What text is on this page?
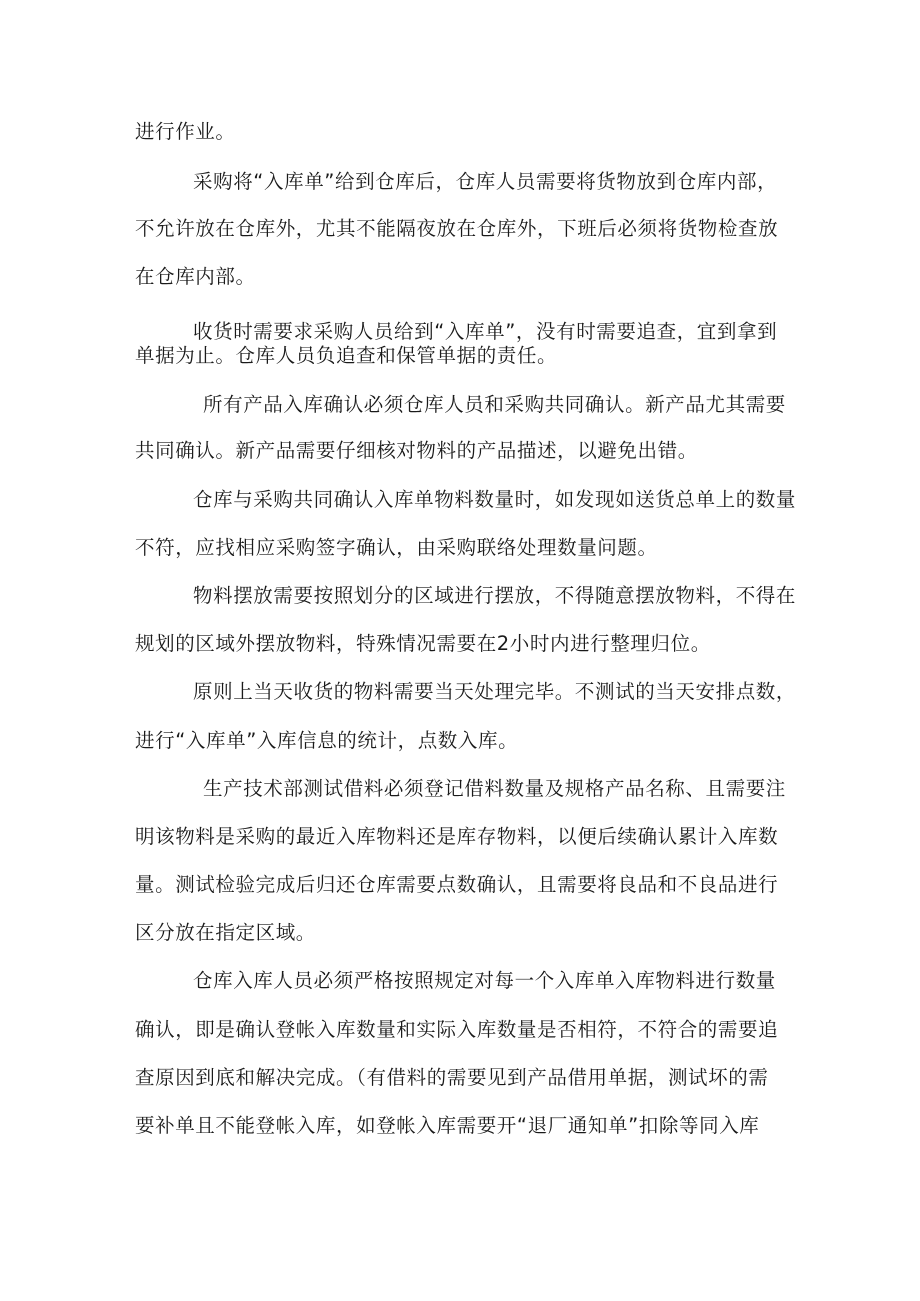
进行作业。
采购将“入库单”给到仓库后，仓库人员需要将货物放到仓库内部，
不允许放在仓库外，尤其不能隔夜放在仓库外，下班后必须将货物检查放
在仓库内部。
收货时需要求采购人员给到“入库单”，没有时需要追查，宜到拿到
单据为止。仓库人员负追查和保管单据的责任。
所有产品入库确认必须仓库人员和采购共同确认。新产品尤其需要
共同确认。新产品需要仔细核对物料的产品描述，以避免出错。
仓库与采购共同确认入库单物料数量时，如发现如送货总单上的数量
不符，应找相应采购签字确认，由采购联络处理数量问题。
物料摆放需要按照划分的区域进行摆放，不得随意摆放物料，不得在
规划的区域外摆放物料，特殊情况需要在2小时内进行整理归位。
原则上当天收货的物料需要当天处理完毕。不测试的当天安排点数，
进行“入库单”入库信息的统计，点数入库。
生产技术部测试借料必须登记借料数量及规格产品名称、且需要注
明该物料是采购的最近入库物料还是库存物料，以便后续确认累计入库数
量。测试检验完成后归还仓库需要点数确认，且需要将良品和不良品进行
区分放在指定区域。
仓库入库人员必须严格按照规定对每一个入库单入库物料进行数量
确认，即是确认登帐入库数量和实际入库数量是否相符，不符合的需要追
查原因到底和解决完成。（有借料的需要见到产品借用单据，测试坏的需
要补单且不能登帐入库，如登帐入库需要开“退厂通知单”扣除等同入库
